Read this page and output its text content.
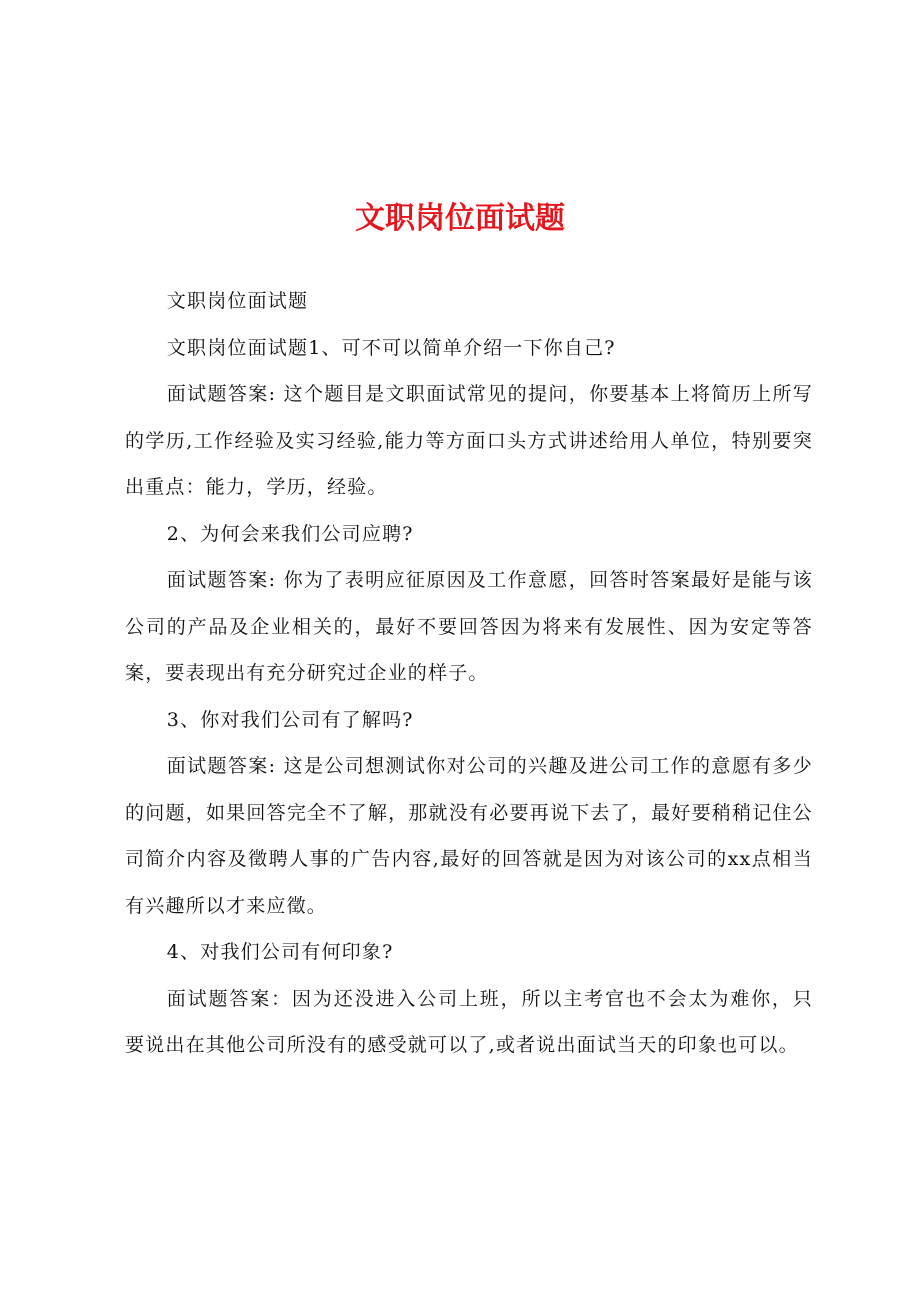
文职岗位面试题

文职岗位面试题

文职岗位面试题1、可不可以简单介绍一下你自己?

面试题答案: 这个题目是文职面试常见的提问，你要基本上将简历上所写的学历,工作经验及实习经验,能力等方面口头方式讲述给用人单位，特别要突出重点：能力，学历，经验。

2、为何会来我们公司应聘?

面试题答案: 你为了表明应征原因及工作意愿，回答时答案最好是能与该公司的产品及企业相关的，最好不要回答因为将来有发展性、因为安定等答案，要表现出有充分研究过企业的样子。

3、你对我们公司有了解吗?

面试题答案: 这是公司想测试你对公司的兴趣及进公司工作的意愿有多少的问题，如果回答完全不了解，那就没有必要再说下去了，最好要稍稍记住公司简介内容及徵聘人事的广告内容,最好的回答就是因为对该公司的xx点相当有兴趣所以才来应徵。

4、对我们公司有何印象?

面试题答案：因为还没进入公司上班，所以主考官也不会太为难你，只要说出在其他公司所没有的感受就可以了,或者说出面试当天的印象也可以。
